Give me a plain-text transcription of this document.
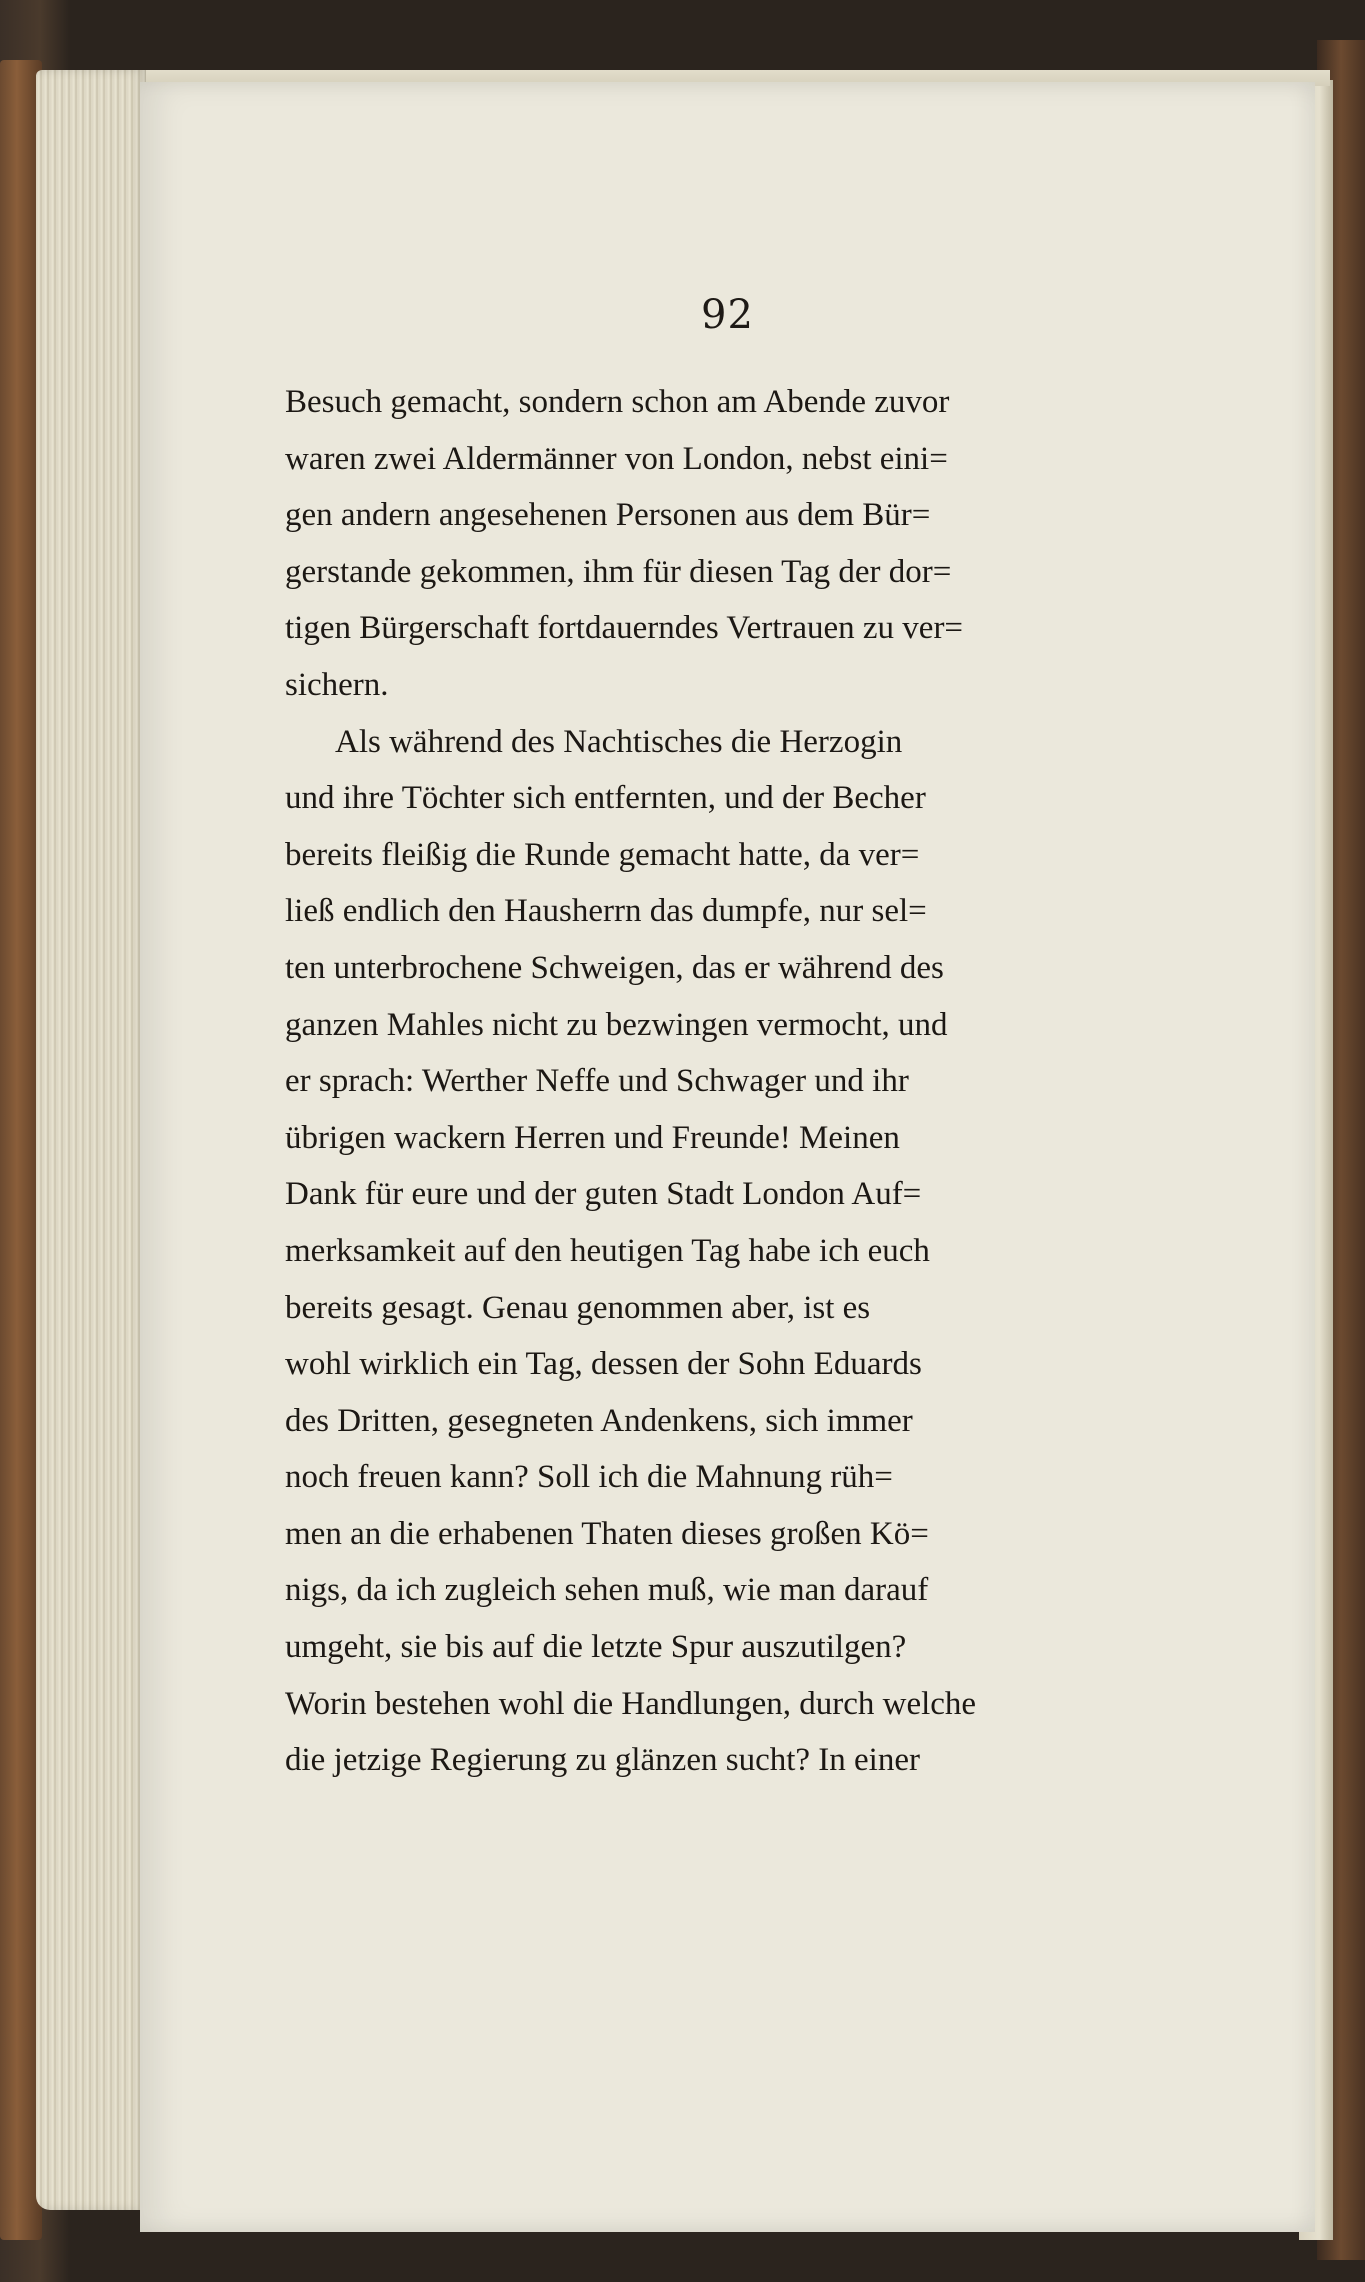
92
Besuch gemacht, sondern schon am Abende zuvor
waren zwei Aldermänner von London, nebst eini=
gen andern angesehenen Personen aus dem Bür=
gerstande gekommen, ihm für diesen Tag der dor=
tigen Bürgerschaft fortdauerndes Vertrauen zu ver=
sichern.
Als während des Nachtisches die Herzogin
und ihre Töchter sich entfernten, und der Becher
bereits fleißig die Runde gemacht hatte, da ver=
ließ endlich den Hausherrn das dumpfe, nur sel=
ten unterbrochene Schweigen, das er während des
ganzen Mahles nicht zu bezwingen vermocht, und
er sprach: Werther Neffe und Schwager und ihr
übrigen wackern Herren und Freunde! Meinen
Dank für eure und der guten Stadt London Auf=
merksamkeit auf den heutigen Tag habe ich euch
bereits gesagt. Genau genommen aber, ist es
wohl wirklich ein Tag, dessen der Sohn Eduards
des Dritten, gesegneten Andenkens, sich immer
noch freuen kann? Soll ich die Mahnung rüh=
men an die erhabenen Thaten dieses großen Kö=
nigs, da ich zugleich sehen muß, wie man darauf
umgeht, sie bis auf die letzte Spur auszutilgen?
Worin bestehen wohl die Handlungen, durch welche
die jetzige Regierung zu glänzen sucht? In einer
